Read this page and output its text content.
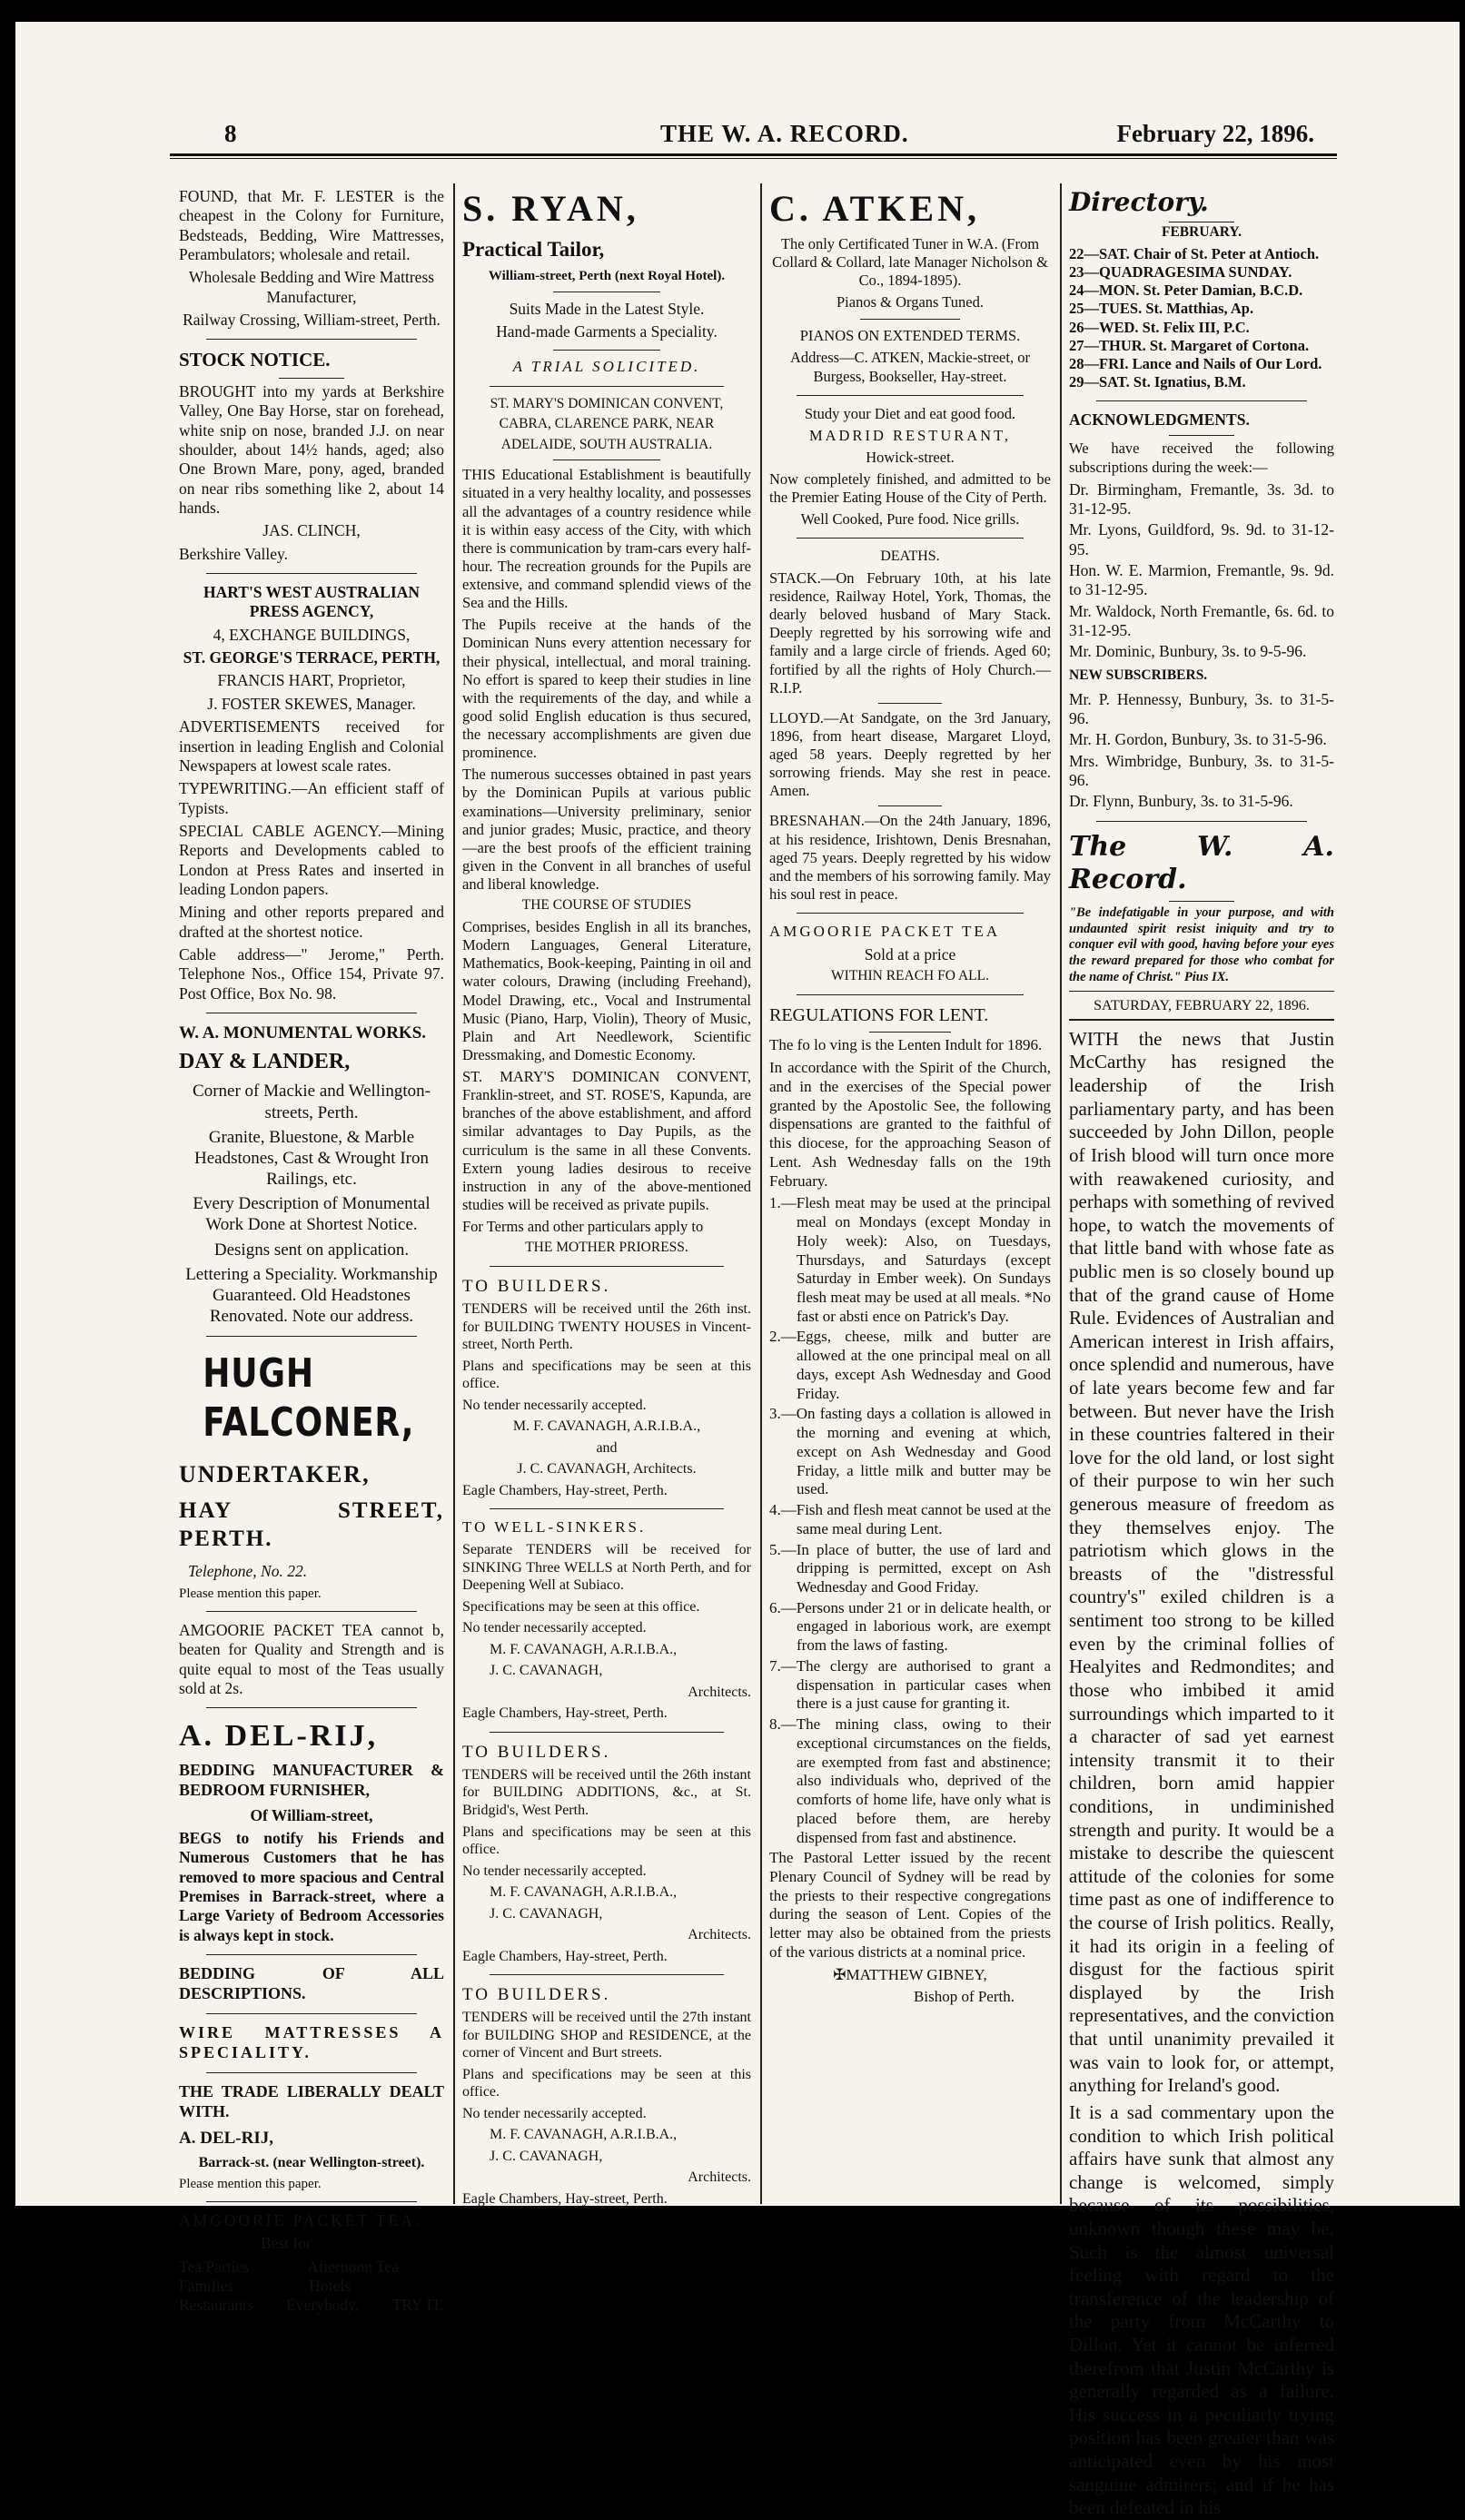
8	THE W. A. RECORD.	February 22, 1896.

FOUND, that Mr. F. LESTER is the cheapest in the Colony for Furniture, Bedsteads, Bedding, Wire Mattresses, Perambulators; wholesale and retail.

Wholesale Bedding and Wire Mattress Manufacturer,

Railway Crossing, William-street, Perth.

STOCK NOTICE.

BROUGHT into my yards at Berkshire Valley, One Bay Horse, star on forehead, white snip on nose, branded J.J. on near shoulder, about 14½ hands, aged; also One Brown Mare, pony, aged, branded on near ribs something like 2, about 14 hands.

JAS. CLINCH,

Berkshire Valley.

HART'S WEST AUSTRALIAN PRESS AGENCY,

4, EXCHANGE BUILDINGS,

ST. GEORGE'S TERRACE, PERTH,

FRANCIS HART, Proprietor,

J. FOSTER SKEWES, Manager.

ADVERTISEMENTS received for insertion in leading English and Colonial Newspapers at lowest scale rates.

TYPEWRITING.—An efficient staff of Typists.

SPECIAL CABLE AGENCY.—Mining Reports and Developments cabled to London at Press Rates and inserted in leading London papers.

Mining and other reports prepared and drafted at the shortest notice.

Cable address—" Jerome," Perth. Telephone Nos., Office 154, Private 97. Post Office, Box No. 98.

W. A. MONUMENTAL WORKS.

DAY & LANDER,

Corner of Mackie and Wellington-streets, Perth.

Granite, Bluestone, & Marble Headstones, Cast & Wrought Iron Railings, etc.

Every Description of Monumental Work Done at Shortest Notice.

Designs sent on application.

Lettering a Speciality. Workmanship Guaranteed. Old Headstones Renovated. Note our address.

HUGH FALCONER,

UNDERTAKER,

HAY STREET, PERTH.

Telephone, No. 22.

Please mention this paper.

AMGOORIE PACKET TEA cannot b, beaten for Quality and Strength and is quite equal to most of the Teas usually sold at 2s.

A. DEL-RIJ,

BEDDING MANUFACTURER & BEDROOM FURNISHER,

Of William-street,

BEGS to notify his Friends and Numerous Customers that he has removed to more spacious and Central Premises in Barrack-street, where a Large Variety of Bedroom Accessories is always kept in stock.

BEDDING OF ALL DESCRIPTIONS.

WIRE MATTRESSES A SPECIALITY.

THE TRADE LIBERALLY DEALT WITH.

A. DEL-RIJ,

Barrack-st. (near Wellington-street).

Please mention this paper.

AMGOORIE PACKET TEA.

Best for

Tea Parties	Afternoon Tea
Families	Hotels
Restaurants Everybody. TRY IT.

S. RYAN,

Practical Tailor,

William-street, Perth (next Royal Hotel).

Suits Made in the Latest Style.

Hand-made Garments a Speciality.

A TRIAL SOLICITED.

ST. MARY'S DOMINICAN CONVENT,

CABRA, CLARENCE PARK, NEAR

ADELAIDE, SOUTH AUSTRALIA.

THIS Educational Establishment is beautifully situated in a very healthy locality, and possesses all the advantages of a country residence while it is within easy access of the City, with which there is communication by tram-cars every half-hour. The recreation grounds for the Pupils are extensive, and command splendid views of the Sea and the Hills.

The Pupils receive at the hands of the Dominican Nuns every attention necessary for their physical, intellectual, and moral training. No effort is spared to keep their studies in line with the requirements of the day, and while a good solid English education is thus secured, the necessary accomplishments are given due prominence.

The numerous successes obtained in past years by the Dominican Pupils at various public examinations—University preliminary, senior and junior grades; Music, practice, and theory—are the best proofs of the efficient training given in the Convent in all branches of useful and liberal knowledge.

THE COURSE OF STUDIES

Comprises, besides English in all its branches, Modern Languages, General Literature, Mathematics, Book-keeping, Painting in oil and water colours, Drawing (including Freehand), Model Drawing, etc., Vocal and Instrumental Music (Piano, Harp, Violin), Theory of Music, Plain and Art Needlework, Scientific Dressmaking, and Domestic Economy.

ST. MARY'S DOMINICAN CONVENT, Franklin-street, and ST. ROSE'S, Kapunda, are branches of the above establishment, and afford similar advantages to Day Pupils, as the curriculum is the same in all these Convents. Extern young ladies desirous to receive instruction in any of the above-mentioned studies will be received as private pupils.

For Terms and other particulars apply to

THE MOTHER PRIORESS.

TO BUILDERS.

TENDERS will be received until the 26th inst. for BUILDING TWENTY HOUSES in Vincent-street, North Perth.

Plans and specifications may be seen at this office.

No tender necessarily accepted.

M. F. CAVANAGH, A.R.I.B.A.,

and

J. C. CAVANAGH, Architects.

Eagle Chambers, Hay-street, Perth.

TO WELL-SINKERS.

Separate TENDERS will be received for SINKING Three WELLS at North Perth, and for Deepening Well at Subiaco.

Specifications may be seen at this office.

No tender necessarily accepted.

M. F. CAVANAGH, A.R.I.B.A.,

J. C. CAVANAGH,

Architects.

Eagle Chambers, Hay-street, Perth.

TO BUILDERS.

TENDERS will be received until the 26th instant for BUILDING ADDITIONS, &c., at St. Bridgid's, West Perth.

Plans and specifications may be seen at this office.

No tender necessarily accepted.

M. F. CAVANAGH, A.R.I.B.A.,

J. C. CAVANAGH,

Architects.

Eagle Chambers, Hay-street, Perth.

TO BUILDERS.

TENDERS will be received until the 27th instant for BUILDING SHOP and RESIDENCE, at the corner of Vincent and Burt streets.

Plans and specifications may be seen at this office.

No tender necessarily accepted.

M. F. CAVANAGH, A.R.I.B.A.,

J. C. CAVANAGH,

Architects.

Eagle Chambers, Hay-street, Perth.

C. ATKEN,

The only Certificated Tuner in W.A. (From Collard & Collard, late Manager Nicholson & Co., 1894-1895).

Pianos & Organs Tuned.

PIANOS ON EXTENDED TERMS.

Address—C. ATKEN, Mackie-street, or Burgess, Bookseller, Hay-street.

Study your Diet and eat good food.

MADRID RESTURANT,

Howick-street.

Now completely finished, and admitted to be the Premier Eating House of the City of Perth.

Well Cooked, Pure food. Nice grills.

DEATHS.

STACK.—On February 10th, at his late residence, Railway Hotel, York, Thomas, the dearly beloved husband of Mary Stack. Deeply regretted by his sorrowing wife and family and a large circle of friends. Aged 60; fortified by all the rights of Holy Church.—R.I.P.

LLOYD.—At Sandgate, on the 3rd January, 1896, from heart disease, Margaret Lloyd, aged 58 years. Deeply regretted by her sorrowing friends. May she rest in peace. Amen.

BRESNAHAN.—On the 24th January, 1896, at his residence, Irishtown, Denis Bresnahan, aged 75 years. Deeply regretted by his widow and the members of his sorrowing family. May his soul rest in peace.

AMGOORIE PACKET TEA

Sold at a price

WITHIN REACH FO ALL.

REGULATIONS FOR LENT.

The fo lo ving is the Lenten Indult for 1896.

In accordance with the Spirit of the Church, and in the exercises of the Special power granted by the Apostolic See, the following dispensations are granted to the faithful of this diocese, for the approaching Season of Lent. Ash Wednesday falls on the 19th February.

1.—Flesh meat may be used at the principal meal on Mondays (except Monday in Holy week): Also, on Tuesdays, Thursdays, and Saturdays (except Saturday in Ember week). On Sundays flesh meat may be used at all meals. *No fast or absti ence on Patrick's Day.

2.—Eggs, cheese, milk and butter are allowed at the one principal meal on all days, except Ash Wednesday and Good Friday.

3.—On fasting days a collation is allowed in the morning and evening at which, except on Ash Wednesday and Good Friday, a little milk and butter may be used.

4.—Fish and flesh meat cannot be used at the same meal during Lent.

5.—In place of butter, the use of lard and dripping is permitted, except on Ash Wednesday and Good Friday.

6.—Persons under 21 or in delicate health, or engaged in laborious work, are exempt from the laws of fasting.

7.—The clergy are authorised to grant a dispensation in particular cases when there is a just cause for granting it.

8.—The mining class, owing to their exceptional circumstances on the fields, are exempted from fast and abstinence; also individuals who, deprived of the comforts of home life, have only what is placed before them, are hereby dispensed from fast and abstinence.

The Pastoral Letter issued by the recent Plenary Council of Sydney will be read by the priests to their respective congregations during the season of Lent. Copies of the letter may also be obtained from the priests of the various districts at a nominal price.

✠MATTHEW GIBNEY,

Bishop of Perth.

Directory.

FEBRUARY.

22—SAT. Chair of St. Peter at Antioch.

23—QUADRAGESIMA SUNDAY.

24—MON. St. Peter Damian, B.C.D.

25—TUES. St. Matthias, Ap.

26—WED. St. Felix III, P.C.

27—THUR. St. Margaret of Cortona.

28—FRI. Lance and Nails of Our Lord.

29—SAT. St. Ignatius, B.M.

ACKNOWLEDGMENTS.

We have received the following subscriptions during the week:—

Dr. Birmingham, Fremantle, 3s. 3d. to 31-12-95.

Mr. Lyons, Guildford, 9s. 9d. to 31-12-95.

Hon. W. E. Marmion, Fremantle, 9s. 9d. to 31-12-95.

Mr. Waldock, North Fremantle, 6s. 6d. to 31-12-95.

Mr. Dominic, Bunbury, 3s. to 9-5-96.

NEW SUBSCRIBERS.

Mr. P. Hennessy, Bunbury, 3s. to 31-5-96.

Mr. H. Gordon, Bunbury, 3s. to 31-5-96.

Mrs. Wimbridge, Bunbury, 3s. to 31-5-96.

Dr. Flynn, Bunbury, 3s. to 31-5-96.

The W. A. Record.

"Be indefatigable in your purpose, and with undaunted spirit resist iniquity and try to conquer evil with good, having before your eyes the reward prepared for those who combat for the name of Christ." Pius IX.

SATURDAY, FEBRUARY 22, 1896.

WITH the news that Justin McCarthy has resigned the leadership of the Irish parliamentary party, and has been succeeded by John Dillon, people of Irish blood will turn once more with reawakened curiosity, and perhaps with something of revived hope, to watch the movements of that little band with whose fate as public men is so closely bound up that of the grand cause of Home Rule. Evidences of Australian and American interest in Irish affairs, once splendid and numerous, have of late years become few and far between. But never have the Irish in these countries faltered in their love for the old land, or lost sight of their purpose to win her such generous measure of freedom as they themselves enjoy. The patriotism which glows in the breasts of the "distressful country's" exiled children is a sentiment too strong to be killed even by the criminal follies of Healyites and Redmondites; and those who imbibed it amid surroundings which imparted to it a character of sad yet earnest intensity transmit it to their children, born amid happier conditions, in undiminished strength and purity. It would be a mistake to describe the quiescent attitude of the colonies for some time past as one of indifference to the course of Irish politics. Really, it had its origin in a feeling of disgust for the factious spirit displayed by the Irish representatives, and the conviction that until unanimity prevailed it was vain to look for, or attempt, anything for Ireland's good.

It is a sad commentary upon the condition to which Irish political affairs have sunk that almost any change is welcomed, simply because of its possibilities, unknown though these may be. Such is the almost universal feeling with regard to the transference of the leadership of the party from McCarthy to Dillon. Yet it cannot be inferred therefrom that Justin McCarthy is generally regarded as a failure. His success in a peculiarly trying position has been greater than was anticipated even by his most sanguine admirers; and if he has been defeated in his
